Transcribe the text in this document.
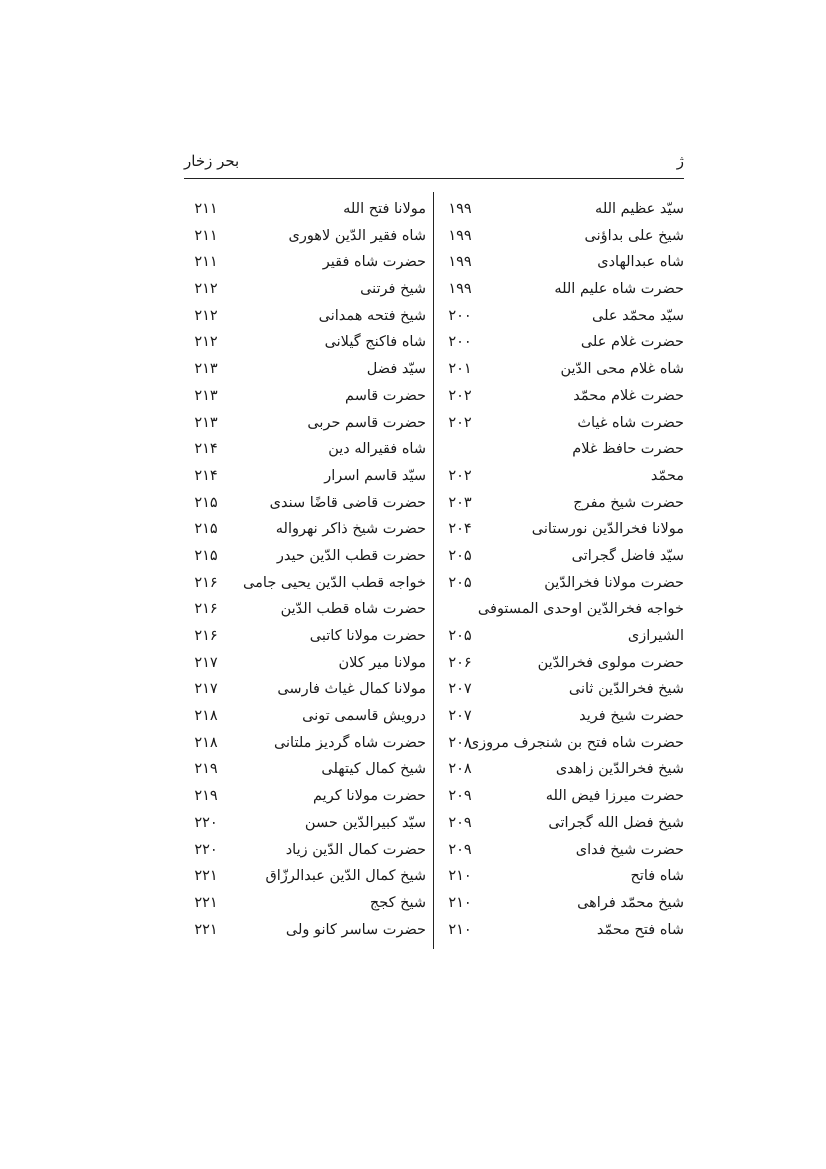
بحر زخار	ژ
سیّد عظیم الله
۱۹۹
شیخ علی بداؤنی
۱۹۹
شاه عبدالهادی
۱۹۹
حضرت شاه علیم الله
۱۹۹
سیّد محمّد علی
۲۰۰
حضرت غلام علی
۲۰۰
شاه غلام محی الدّین
۲۰۱
حضرت غلام محمّد
۲۰۲
حضرت شاه غیاث
۲۰۲
حضرت حافظ غلام
محمّد
۲۰۲
حضرت شیخ مفرج
۲۰۳
مولانا فخرالدّین نورستانی
۲۰۴
سیّد فاضل گجراتی
۲۰۵
حضرت مولانا فخرالدّین
۲۰۵
خواجه فخرالدّین اوحدی المستوفی
الشیرازی
۲۰۵
حضرت مولوی فخرالدّین
۲۰۶
شیخ فخرالدّین ثانی
۲۰۷
حضرت شیخ فرید
۲۰۷
حضرت شاه فتح بن شنجرف مروزی
۲۰۸
شیخ فخرالدّین زاهدی
۲۰۸
حضرت میرزا فیض الله
۲۰۹
شیخ فضل الله گجراتی
۲۰۹
حضرت شیخ فدای
۲۰۹
شاه فاتح
۲۱۰
شیخ محمّد فراهی
۲۱۰
شاه فتح محمّد
۲۱۰
مولانا فتح الله
۲۱۱
شاه فقیر الدّین لاهوری
۲۱۱
حضرت شاه فقیر
۲۱۱
شیخ فرتنی
۲۱۲
شیخ فتحه همدانی
۲۱۲
شاه فاکنج گیلانی
۲۱۲
سیّد فضل
۲۱۳
حضرت قاسم
۲۱۳
حضرت قاسم حربی
۲۱۳
شاه فقیراله دین
۲۱۴
سیّد قاسم اسرار
۲۱۴
حضرت قاضی قاضًا سندی
۲۱۵
حضرت شیخ ذاکر نهرواله
۲۱۵
حضرت قطب الدّین حیدر
۲۱۵
خواجه قطب الدّین یحیی جامی
۲۱۶
حضرت شاه قطب الدّین
۲۱۶
حضرت مولانا کاتبی
۲۱۶
مولانا میر کلان
۲۱۷
مولانا کمال غیاث فارسی
۲۱۷
درویش قاسمی تونی
۲۱۸
حضرت شاه گردیز ملتانی
۲۱۸
شیخ کمال کیتهلی
۲۱۹
حضرت مولانا کریم
۲۱۹
سیّد کبیرالدّین حسن
۲۲۰
حضرت کمال الدّین زیاد
۲۲۰
شیخ کمال الدّین عبدالرزّاق
۲۲۱
شیخ کجج
۲۲۱
حضرت ساسر کانو ولی
۲۲۱
